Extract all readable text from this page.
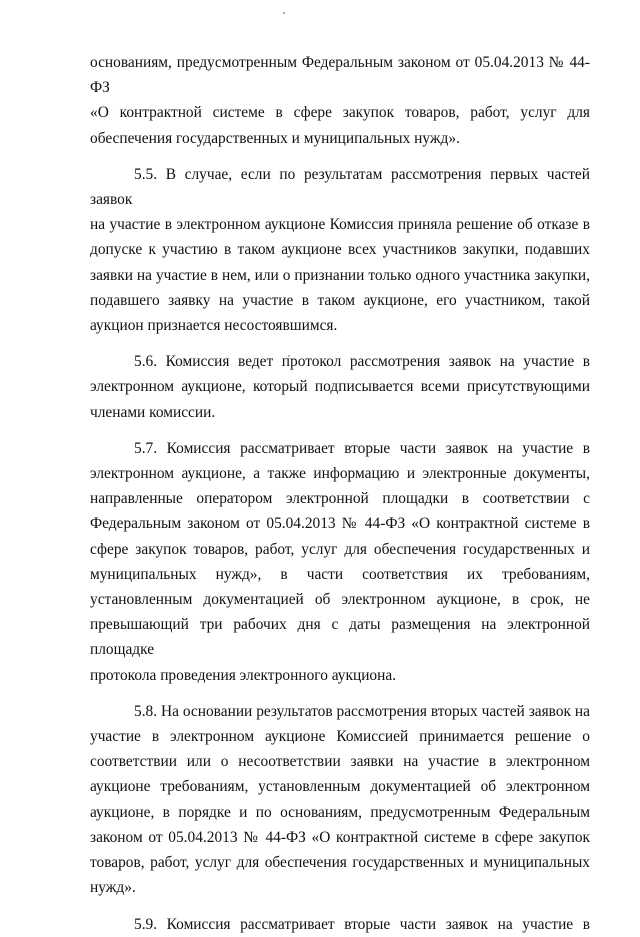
основаниям, предусмотренным Федеральным законом от 05.04.2013 № 44-ФЗ
«О контрактной системе в сфере закупок товаров, работ, услуг для
обеспечения государственных и муниципальных нужд».
5.5. В случае, если по результатам рассмотрения первых частей заявок
на участие в электронном аукционе Комиссия приняла решение об отказе в
допуске к участию в таком аукционе всех участников закупки, подавших
заявки на участие в нем, или о признании только одного участника закупки,
подавшего заявку на участие в таком аукционе, его участником, такой
аукцион признается несостоявшимся.
5.6. Комиссия ведет протокол рассмотрения заявок на участие в
электронном аукционе, который подписывается всеми присутствующими
членами комиссии.
5.7. Комиссия рассматривает вторые части заявок на участие в
электронном аукционе, а также информацию и электронные документы,
направленные оператором электронной площадки в соответствии с
Федеральным законом от 05.04.2013 № 44-ФЗ «О контрактной системе в
сфере закупок товаров, работ, услуг для обеспечения государственных и
муниципальных нужд», в части соответствия их требованиям,
установленным документацией об электронном аукционе, в срок, не
превышающий три рабочих дня с даты размещения на электронной площадке
протокола проведения электронного аукциона.
5.8. На основании результатов рассмотрения вторых частей заявок на
участие в электронном аукционе Комиссией принимается решение о
соответствии или о несоответствии заявки на участие в электронном
аукционе требованиям, установленным документацией об электронном
аукционе, в порядке и по основаниям, предусмотренным Федеральным
законом от 05.04.2013 № 44-ФЗ «О контрактной системе в сфере закупок
товаров, работ, услуг для обеспечения государственных и муниципальных
нужд».
5.9. Комиссия рассматривает вторые части заявок на участие в
